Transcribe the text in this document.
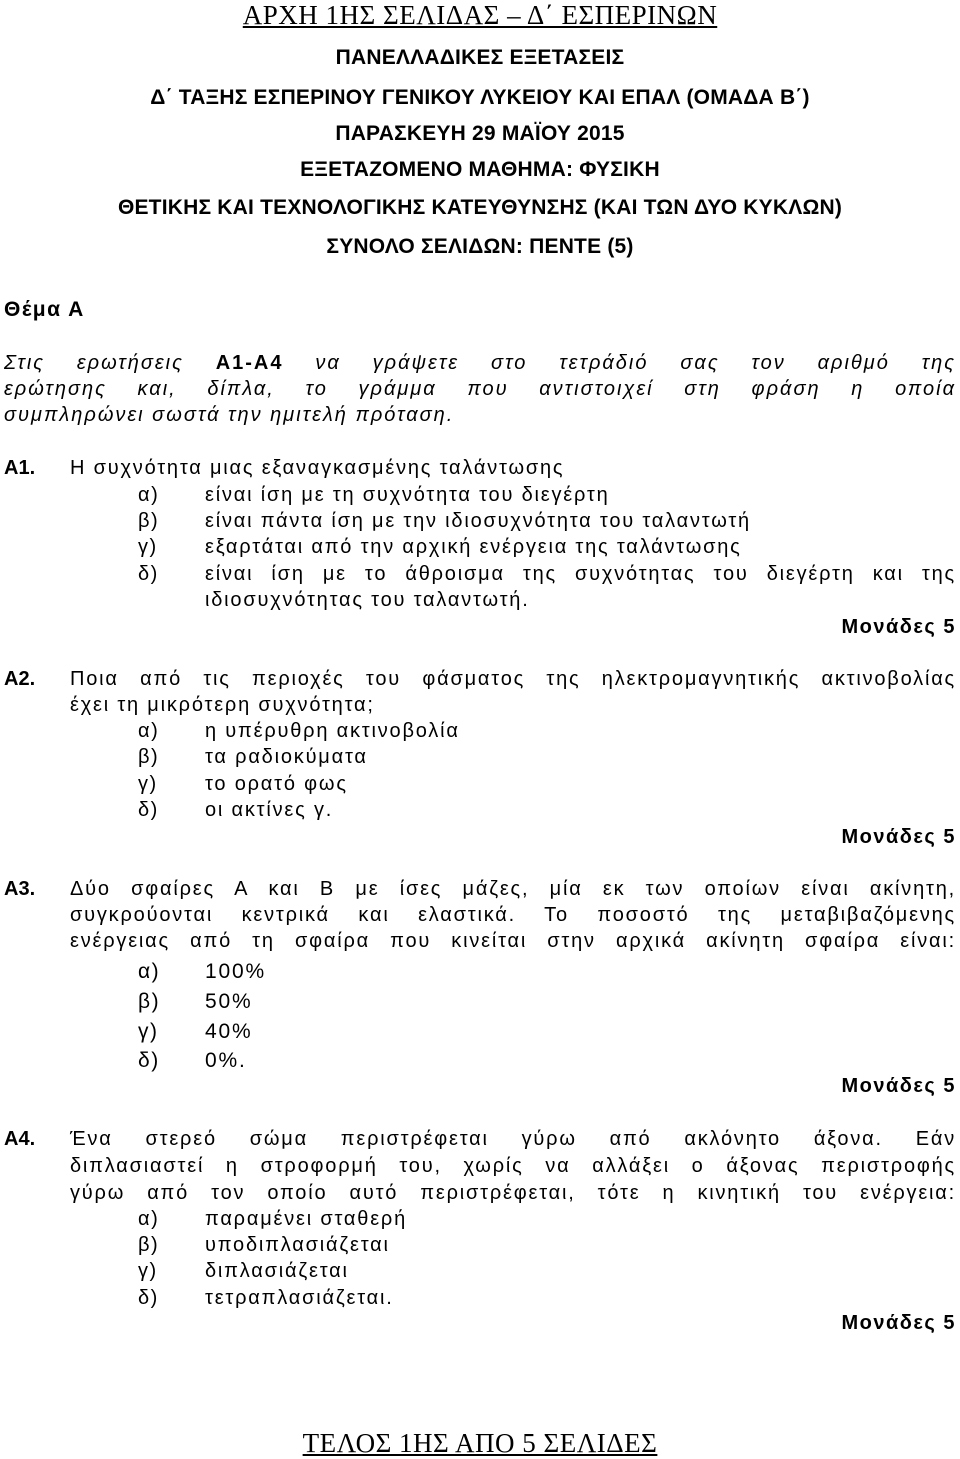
ΑΡΧΗ 1ΗΣ ΣΕΛΙΔΑΣ – Δ΄ ΕΣΠΕΡΙΝΩΝ
ΠΑΝΕΛΛΑΔΙΚΕΣ ΕΞΕΤΑΣΕΙΣ
Δ΄ ΤΑΞΗΣ ΕΣΠΕΡΙΝΟΥ ΓΕΝΙΚΟΥ ΛΥΚΕΙΟΥ ΚΑΙ ΕΠΑΛ (ΟΜΑΔΑ Β΄)
ΠΑΡΑΣΚΕΥΗ 29 ΜΑΪΟΥ 2015
ΕΞΕΤΑΖΟΜΕΝΟ ΜΑΘΗΜΑ: ΦΥΣΙΚΗ
ΘΕΤΙΚΗΣ ΚΑΙ ΤΕΧΝΟΛΟΓΙΚΗΣ ΚΑΤΕΥΘΥΝΣΗΣ (ΚΑΙ ΤΩΝ ΔΥΟ ΚΥΚΛΩΝ)
ΣΥΝΟΛΟ ΣΕΛΙΔΩΝ: ΠΕΝΤΕ (5)
Θέμα Α
Στις ερωτήσεις Α1-Α4 να γράψετε στο τετράδιό σας τον αριθμό της
ερώτησης και, δίπλα, το γράμμα που αντιστοιχεί στη φράση η οποία
συμπληρώνει σωστά την ημιτελή πρόταση.
Α1. Η συχνότητα μιας εξαναγκασμένης ταλάντωσης
α) είναι ίση με τη συχνότητα του διεγέρτη
β) είναι πάντα ίση με την ιδιοσυχνότητα του ταλαντωτή
γ) εξαρτάται από την αρχική ενέργεια της ταλάντωσης
δ) είναι ίση με το άθροισμα της συχνότητας του διεγέρτη και της
ιδιοσυχνότητας του ταλαντωτή.
Μονάδες 5
Α2. Ποια από τις περιοχές του φάσματος της ηλεκτρομαγνητικής ακτινοβολίας
έχει τη μικρότερη συχνότητα;
α) η υπέρυθρη ακτινοβολία
β) τα ραδιοκύματα
γ) το ορατό φως
δ) οι ακτίνες γ.
Μονάδες 5
Α3. Δύο σφαίρες Α και Β με ίσες μάζες, μία εκ των οποίων είναι ακίνητη,
συγκρούονται κεντρικά και ελαστικά. Το ποσοστό της μεταβιβαζόμενης
ενέργειας από τη σφαίρα που κινείται στην αρχικά ακίνητη σφαίρα είναι:
α) 100%
β) 50%
γ) 40%
δ) 0%.
Μονάδες 5
Α4. Ένα στερεό σώμα περιστρέφεται γύρω από ακλόνητο άξονα. Εάν
διπλασιαστεί η στροφορμή του, χωρίς να αλλάξει ο άξονας περιστροφής
γύρω από τον οποίο αυτό περιστρέφεται, τότε η κινητική του ενέργεια:
α) παραμένει σταθερή
β) υποδιπλασιάζεται
γ) διπλασιάζεται
δ) τετραπλασιάζεται.
Μονάδες 5
ΤΕΛΟΣ 1ΗΣ ΑΠΟ 5 ΣΕΛΙΔΕΣ
